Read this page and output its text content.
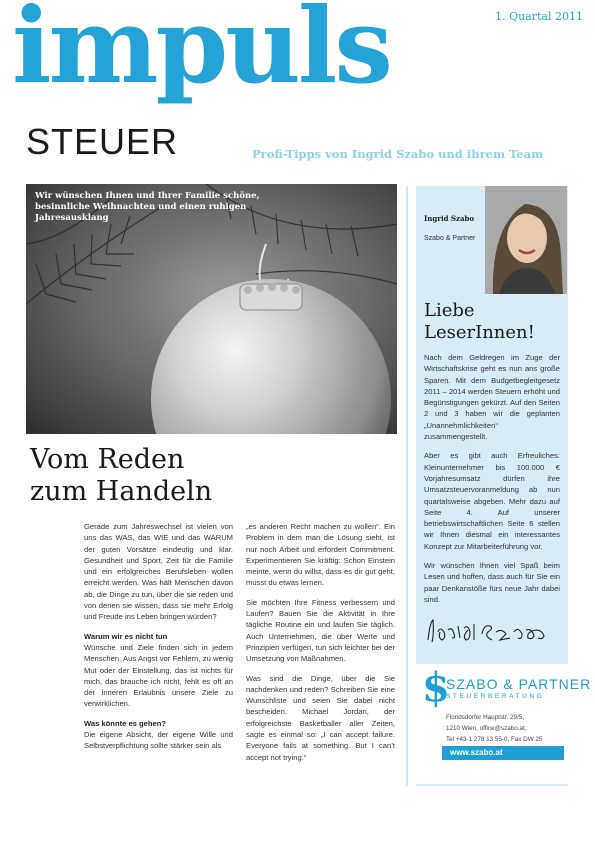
impuls
STEUER
1. Quartal 2011
Profi-Tipps von Ingrid Szabo und ihrem Team
Wir wünschen Ihnen und Ihrer Familie schöne, besinnliche Weihnachten und einen ruhigen Jahresausklang
Vom Reden
zum Handeln

Gerade zum Jahreswechsel ist vielen von uns das WAS, das WIE und das WARUM der guten Vorsätze eindeutig und klar. Gesundheit und Sport, Zeit für die Familie und ein erfolgreiches Berufsleben wollen erreicht werden. Was hält Menschen davon ab, die Dinge zu tun, über die sie reden und von denen sie wissen, dass sie mehr Erfolg und Freude ins Leben bringen würden?

Warum wir es nicht tun

Wünsche und Ziele finden sich in jedem Menschen. Aus Angst vor Fehlern, zu wenig Mut oder der Einstellung, das ist nichts für mich, das brauche ich nicht, fehlt es oft an der inneren Erlaubnis unsere Ziele zu verwirklichen.

Was könnte es gehen?

Die eigene Absicht, der eigene Wille und Selbstverpflichtung sollte stärker sein als

„es anderen Recht machen zu wollen“. Ein Problem in dem man die Lösung sieht, ist nur noch Arbeit und erfordert Commitment. Experimentieren Sie kräftig: Schon Einstein meinte, wenn du willst, dass es dir gut geht, musst du etwas lernen.

Sie möchten Ihre Fitness verbessern und Laufen? Bauen Sie die Aktivität in Ihre tägliche Routine ein und laufen Sie täglich. Auch Unternehmen, die über Werte und Prinzipien verfügen, tun sich leichter bei der Umsetzung von Maßnahmen.

Was sind die Dinge, über die Sie nachdenken und reden? Schreiben Sie eine Wunschliste und seien Sie dabei nicht bescheiden. Michael Jordan, der erfolgreichste Basketballer aller Zeiten, sagte es einmal so: „I can accept failure. Everyone fails at something. But I can’t accept not trying.“

Ingrid Szabo
Szabo & Partner
Liebe
LeserInnen!

Nach dem Geldregen im Zuge der Wirtschaftskrise geht es nun ans große Sparen. Mit dem Budgetbegleitgesetz 2011 – 2014 werden Steuern erhöht und Begünstigungen gekürzt. Auf den Seiten 2 und 3 haben wir die geplanten „Unannehmlichkeiten“ zusammengestellt.

Aber es gibt auch Erfreuliches: Kleinunternehmer bis 100.000 € Vorjahresumsatz dürfen ihre Umsatzsteuervoranmeldung ab nun quartalsweise abgeben. Mehr dazu auf Seite 4. Auf unserer betriebswirtschaftlichen Seite 6 stellen wir Ihnen diesmal ein interessantes Konzept zur Mitarbeiterführung vor.

Wir wünschen Ihnen viel Spaß beim Lesen und hoffen, dass auch für Sie ein paar Denkanstöße fürs neue Jahr dabei sind.

$
SZABO & PARTNER
STEUERBERATUNG
Floridsdorfer Hauptstr. 29/5,
1210 Wien, office@szabo.at,
Tel +43-1 278 13 55-0, Fax DW 25
www.szabo.at
